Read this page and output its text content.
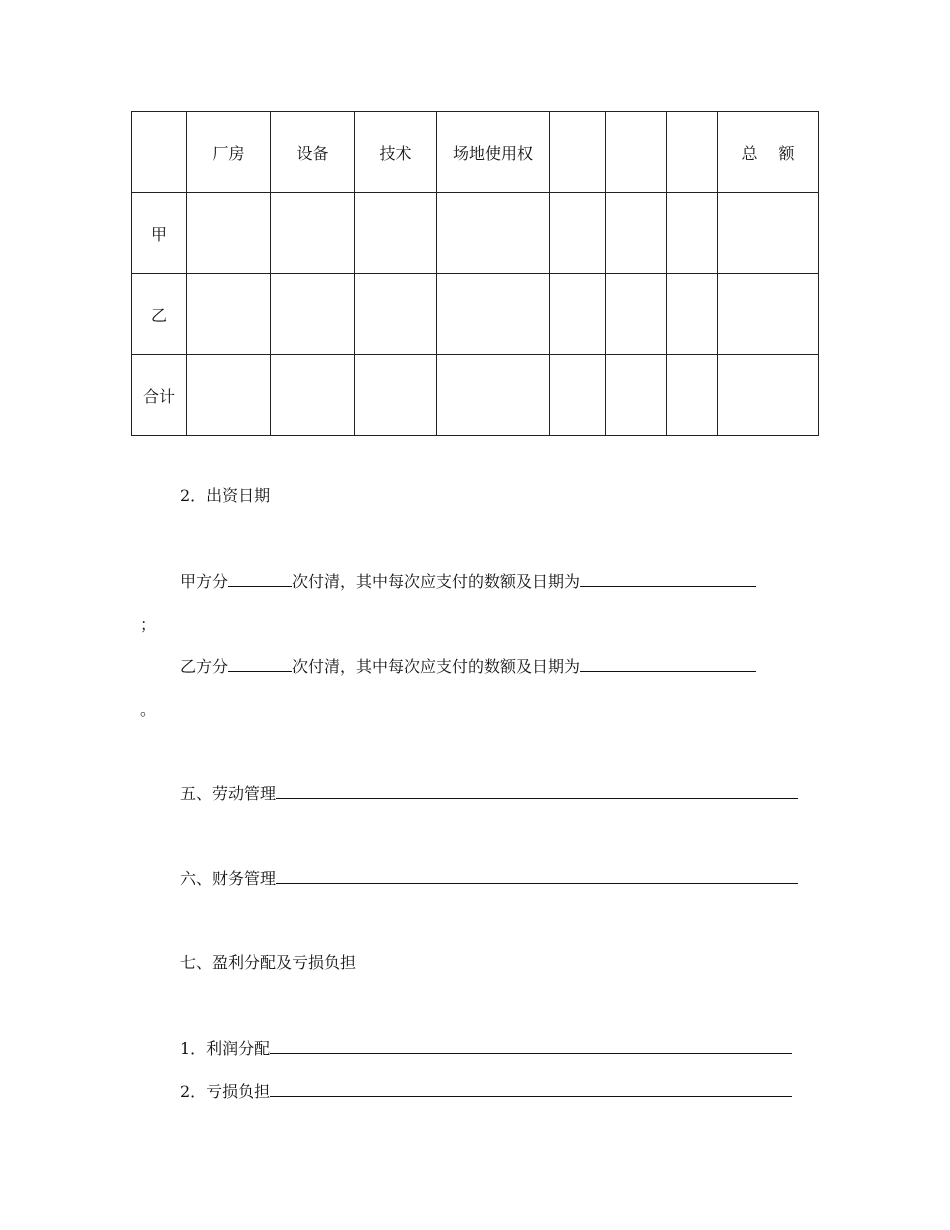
	厂房	设备	技术	场地使用权				总　 额
甲								
乙								
合计								
2．出资日期
甲方分	次付清，其中每次应支付的数额及日期为
；
乙方分	次付清，其中每次应支付的数额及日期为
。
五、劳动管理
六、财务管理
七、盈利分配及亏损负担
1．利润分配
2．亏损负担
